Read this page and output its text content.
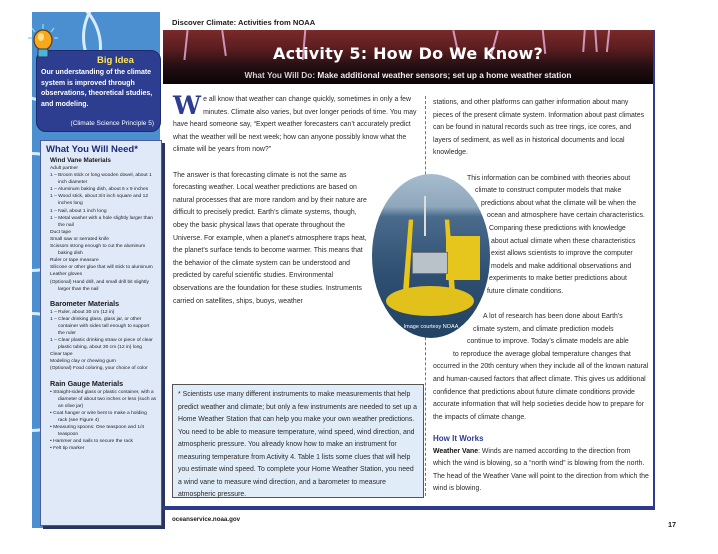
Big Idea
Our understanding of the climate system is improved through observations, theoretical studies, and modeling.
(Climate Science Principle 5)
What You Will Need*
Wind Vane Materials
Adult partner
1 – Broom stick or long wooden dowel, about 1 inch diameter
1 – Aluminum baking dish, about 6 x 9 inches
1 – Wood stick, about 3/4 inch square and 12 inches long
1 – Nail, about 1 inch long
1 – Metal washer with a hole slightly larger than the nail
Duct tape
Small saw or serrated knife
Scissors strong enough to cut the aluminum baking dish
Ruler or tape measure
Silicone or other glue that will stick to aluminum
Leather gloves
(Optional) Hand drill, and small drill bit slightly larger than the nail
Barometer Materials
1 – Ruler, about 30 cm (12 in)
1 – Clear drinking glass, glass jar, or other container with sides tall enough to support the ruler
1 – Clear plastic drinking straw or piece of clear plastic tubing, about 30 cm (12 in) long
Clear tape
Modeling clay or chewing gum
(Optional) Food coloring, your choice of color
Rain Gauge Materials
• Straight-sided glass or plastic container, with a diameter of about two inches or less (such as an olive jar)
• Coat hanger or wire bent to make a holding rack (see Figure 4)
• Measuring spoons: One teaspoon and 1/4 teaspoon
• Hammer and nails to secure the rack
• Felt tip marker
Discover Climate: Activities from NOAA
Activity 5: How Do We Know?
What You Will Do: Make additional weather sensors; set up a home weather station

We all know that weather can change quickly, sometimes in only a few minutes. Climate also varies, but over longer periods of time. You may have heard someone say, “Expert weather forecasters can’t accurately predict what the weather will be next week; how can anyone possibly know what the climate will be years from now?”

The answer is that forecasting climate is not the same as forecasting weather. Local weather predictions are based on natural processes that are more random and by their nature are difficult to precisely predict. Earth’s climate systems, though, obey the basic physical laws that operate throughout the Universe. For example, when a planet’s atmosphere traps heat, the planet’s surface tends to become warmer. This means that the behavior of the climate system can be understood and predicted by careful scientific studies. Environmental observations are the foundation for these studies. Instruments carried on satellites, ships, buoys, weather

* Scientists use many different instruments to make measurements that help predict weather and climate; but only a few instruments are needed to set up a Home Weather Station that can help you make your own weather predictions. You need to be able to measure temperature, wind speed, wind direction, and atmospheric pressure. You already know how to make an instrument for measuring temperature from Activity 4. Table 1 lists some clues that will help you estimate wind speed. To complete your Home Weather Station, you need a wind vane to measure wind direction, and a barometer to measure atmospheric pressure.

stations, and other platforms can gather information about many pieces of the present climate system. Information about past climates can be found in natural records such as tree rings, ice cores, and layers of sediment, as well as in historical documents and local knowledge.

This information can be combined with theories about
climate to construct computer models that make
predictions about what the climate will be when the
ocean and atmosphere have certain characteristics.
Comparing these predictions with knowledge
about actual climate when these characteristics
exist allows scientists to improve the computer
models and make additional observations and
experiments to make better predictions about
future climate conditions.
A lot of research has been done about Earth’s
climate system, and climate prediction models
continue to improve. Today’s climate models are able
to reproduce the average global temperature changes that

occurred in the 20th century when they include all of the known natural and human-caused factors that affect climate. This gives us additional confidence that predictions about future climate conditions provide accurate information that will help societies decide how to prepare for the impacts of climate change.

How It Works

Weather Vane: Winds are named according to the direction from which the wind is blowing, so a “north wind” is blowing from the north. The head of the Weather Vane will point to the direction from which the wind is blowing.

Image courtesy NOAA
oceanservice.noaa.gov
17
